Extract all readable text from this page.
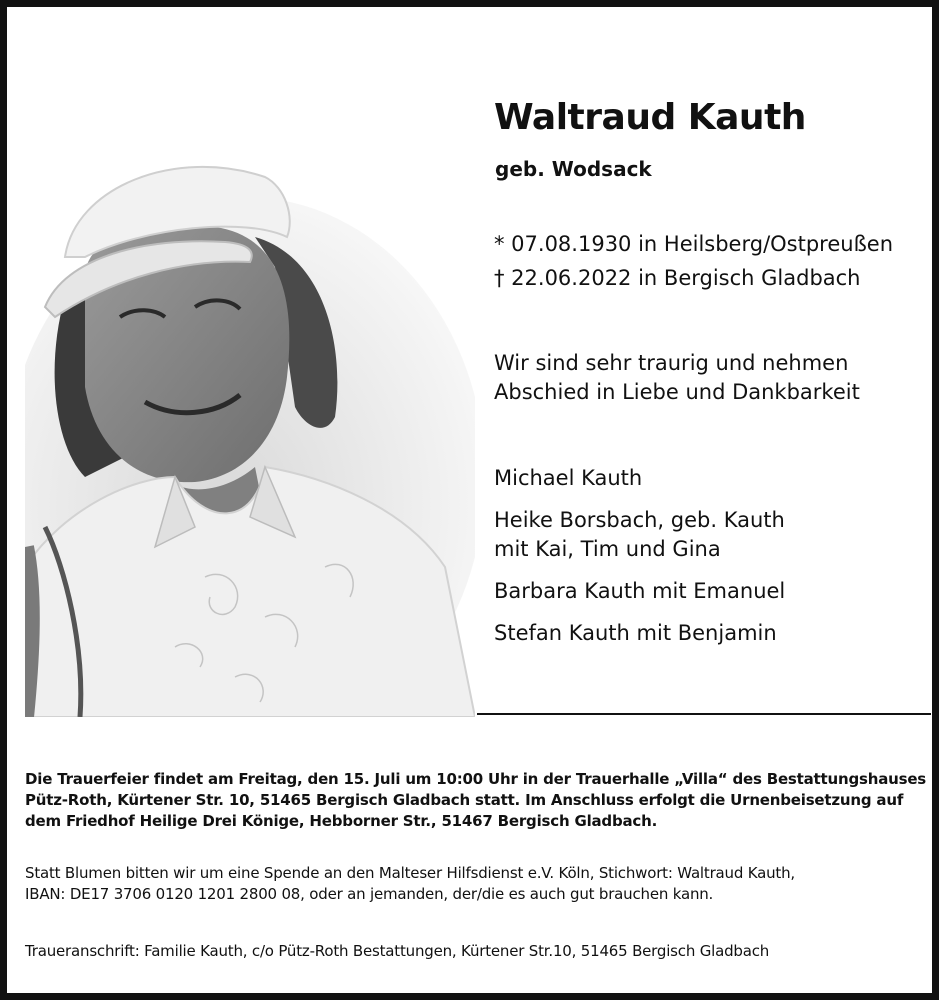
Waltraud Kauth
geb. Wodsack
* 07.08.1930 in Heilsberg/Ostpreußen
† 22.06.2022 in Bergisch Gladbach
Wir sind sehr traurig und nehmen
Abschied in Liebe und Dankbarkeit
Michael Kauth
Heike Borsbach, geb. Kauth
mit Kai, Tim und Gina
Barbara Kauth mit Emanuel
Stefan Kauth mit Benjamin
Die Trauerfeier findet am Freitag, den 15. Juli um 10:00 Uhr in der Trauerhalle „Villa“ des Bestattungshauses
Pütz-Roth, Kürtener Str. 10, 51465 Bergisch Gladbach statt. Im Anschluss erfolgt die Urnenbeisetzung auf
dem Friedhof Heilige Drei Könige, Hebborner Str., 51467 Bergisch Gladbach.
Statt Blumen bitten wir um eine Spende an den Malteser Hilfsdienst e.V. Köln, Stichwort: Waltraud Kauth,
IBAN: DE17 3706 0120 1201 2800 08, oder an jemanden, der/die es auch gut brauchen kann.
Traueranschrift: Familie Kauth, c/o Pütz-Roth Bestattungen, Kürtener Str.10, 51465 Bergisch Gladbach
